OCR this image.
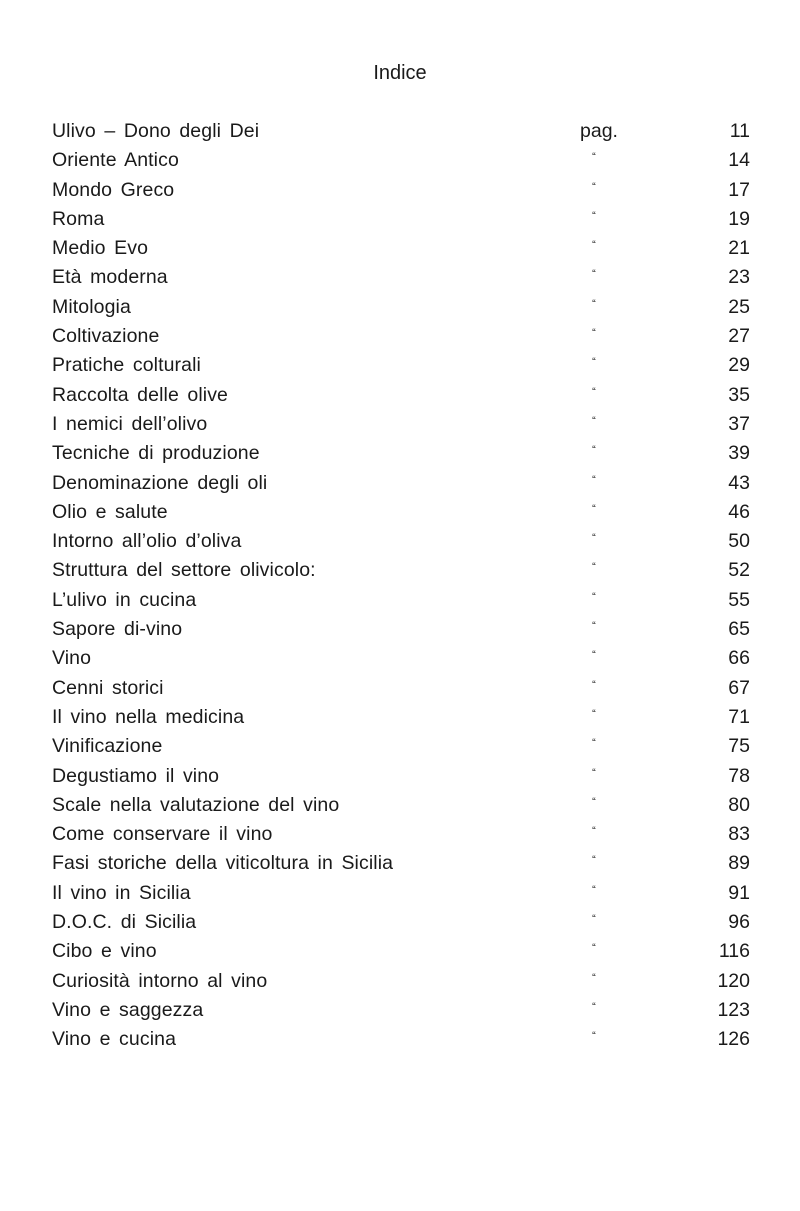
Indice
Ulivo – Dono degli Dei	pag.	11
Oriente Antico	“	14
Mondo Greco	“	17
Roma	“	19
Medio Evo	“	21
Età moderna	“	23
Mitologia	“	25
Coltivazione	“	27
Pratiche colturali	“	29
Raccolta delle olive	“	35
I nemici dell’olivo	“	37
Tecniche di produzione	“	39
Denominazione degli oli	“	43
Olio e salute	“	46
Intorno all’olio d’oliva	“	50
Struttura del settore olivicolo:	“	52
L’ulivo in cucina	“	55
Sapore di-vino	“	65
Vino	“	66
Cenni storici	“	67
Il vino nella medicina	“	71
Vinificazione	“	75
Degustiamo il vino	“	78
Scale nella valutazione del vino	“	80
Come conservare il vino	“	83
Fasi storiche della viticoltura in Sicilia	“	89
Il vino in Sicilia	“	91
D.O.C. di Sicilia	“	96
Cibo e vino	“	116
Curiosità intorno al vino	“	120
Vino e saggezza	“	123
Vino e cucina	“	126
